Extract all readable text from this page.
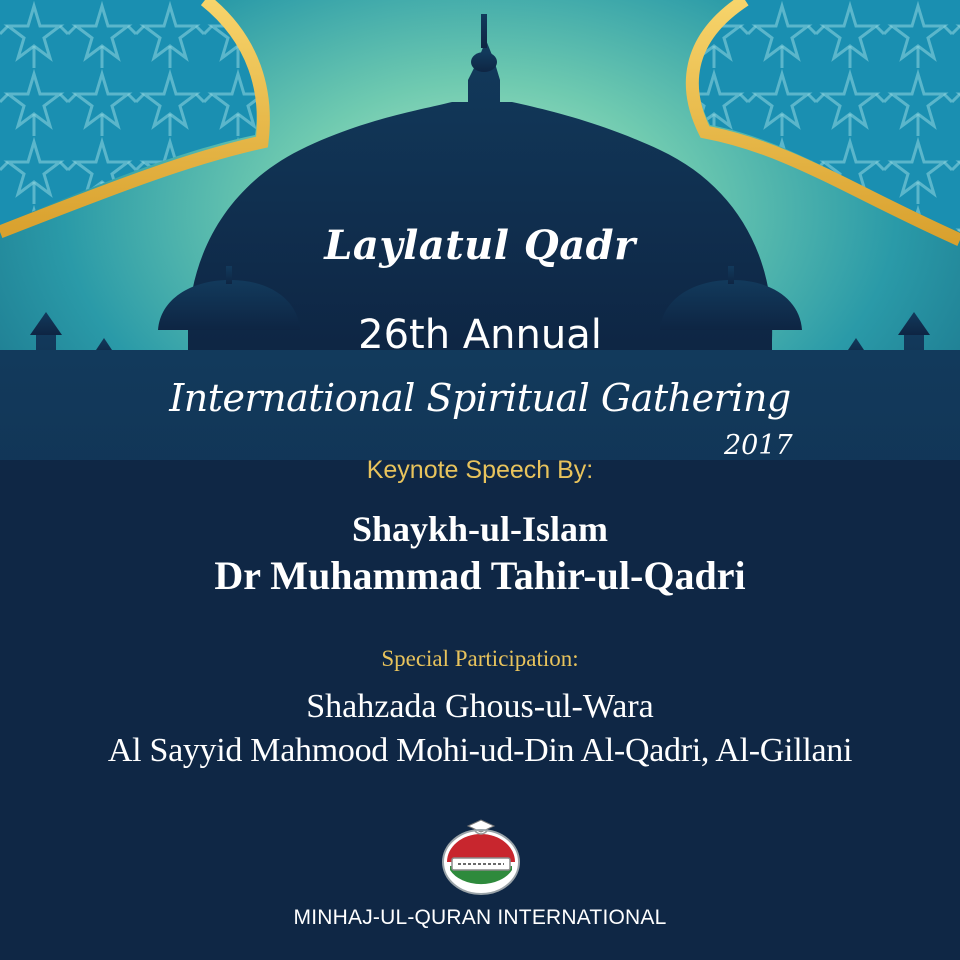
Laylatul Qadr
26th Annual
International Spiritual Gathering
2017
Keynote Speech By:
Shaykh-ul-Islam
Dr Muhammad Tahir-ul-Qadri
Special Participation:
Shahzada Ghous-ul-Wara
Al Sayyid Mahmood Mohi-ud-Din Al-Qadri, Al-Gillani
MINHAJ-UL-QURAN INTERNATIONAL
